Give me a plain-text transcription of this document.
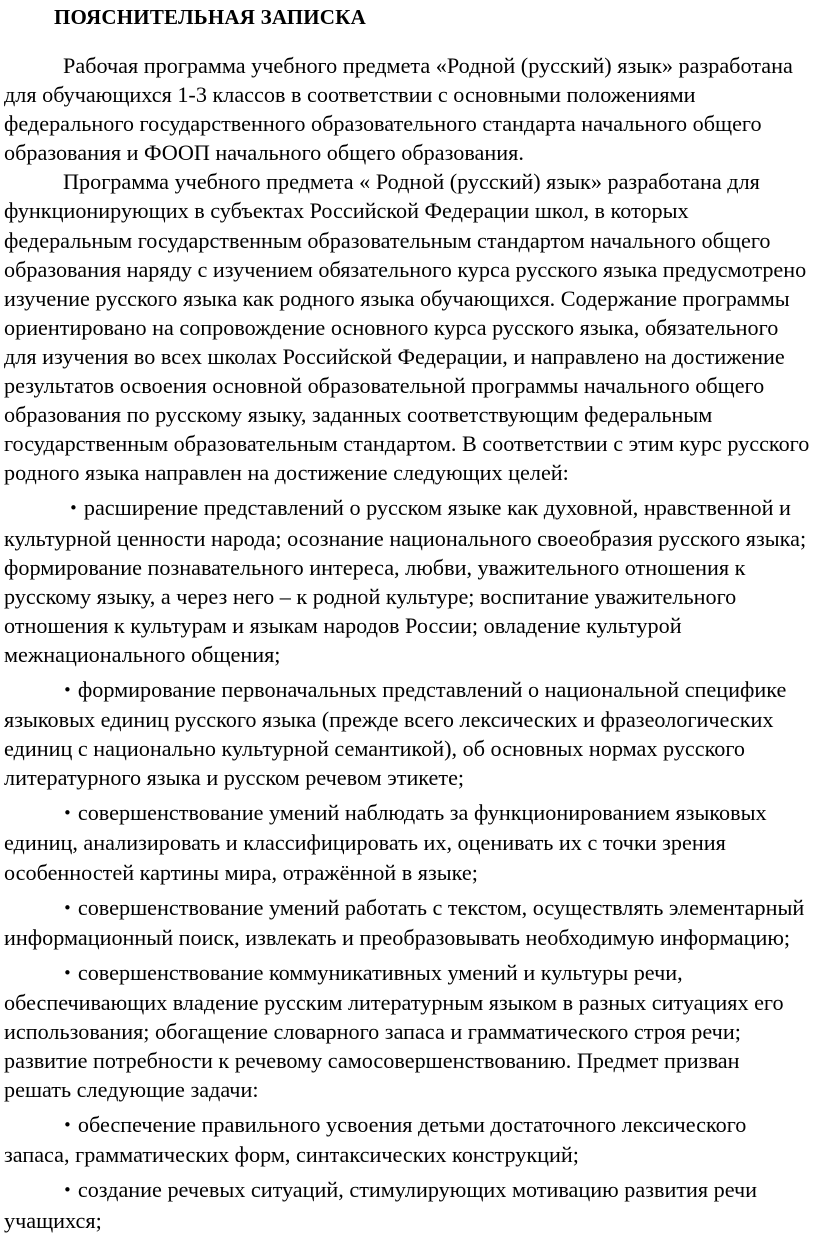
ПОЯСНИТЕЛЬНАЯ ЗАПИСКА

Рабочая программа учебного предмета «Родной (русский) язык» разработана для обучающихся 1-3 классов в соответствии с основными положениями федерального государственного образовательного стандарта начального общего образования и ФООП начального общего образования.

Программа учебного предмета « Родной (русский) язык» разработана для функционирующих в субъектах Российской Федерации школ, в которых федеральным государственным образовательным стандартом начального общего образования наряду с изучением обязательного курса русского языка предусмотрено изучение русского языка как родного языка обучающихся. Содержание программы ориентировано на сопровождение основного курса русского языка, обязательного для изучения во всех школах Российской Федерации, и направлено на достижение результатов освоения основной образовательной программы начального общего образования по русскому языку, заданных соответствующим федеральным государственным образовательным стандартом. В соответствии с этим курс русского родного языка направлен на достижение следующих целей:

• расширение представлений о русском языке как духовной, нравственной и культурной ценности народа; осознание национального своеобразия русского языка; формирование познавательного интереса, любви, уважительного отношения к русскому языку, а через него – к родной культуре; воспитание уважительного отношения к культурам и языкам народов России; овладение культурой межнационального общения;

• формирование первоначальных представлений о национальной специфике языковых единиц русского языка (прежде всего лексических и фразеологических единиц с национально культурной семантикой), об основных нормах русского литературного языка и русском речевом этикете;

• совершенствование умений наблюдать за функционированием языковых единиц, анализировать и классифицировать их, оценивать их с точки зрения особенностей картины мира, отражённой в языке;

• совершенствование умений работать с текстом, осуществлять элементарный информационный поиск, извлекать и преобразовывать необходимую информацию;

• совершенствование коммуникативных умений и культуры речи, обеспечивающих владение русским литературным языком в разных ситуациях его использования; обогащение словарного запаса и грамматического строя речи; развитие потребности к речевому самосовершенствованию. Предмет призван решать следующие задачи:

• обеспечение правильного усвоения детьми достаточного лексического запаса, грамматических форм, синтаксических конструкций;

• создание речевых ситуаций, стимулирующих мотивацию развития речи учащихся;
